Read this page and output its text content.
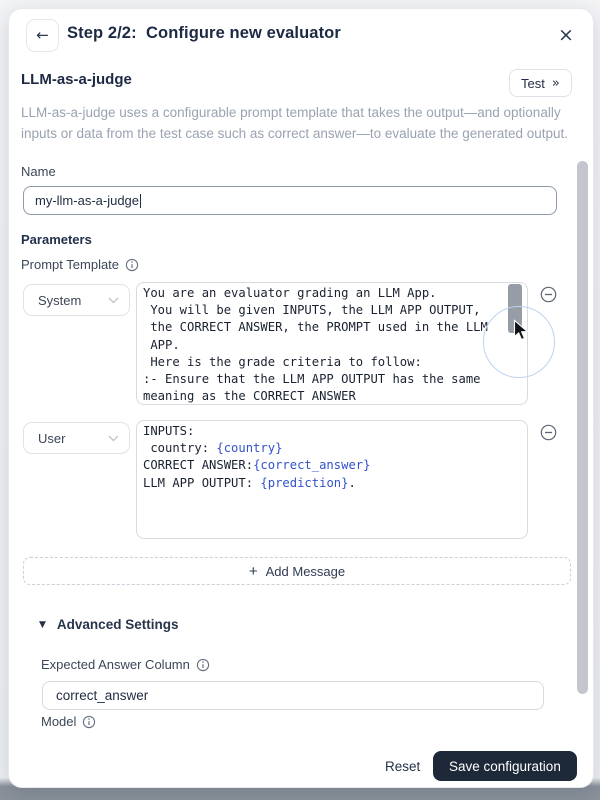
← Step 2/2:  Configure new evaluator	×
LLM-as-a-judge	Test »
LLM-as-a-judge uses a configurable prompt template that takes the output—and optionally inputs or data from the test case such as correct answer—to evaluate the generated output.
Name
my-llm-as-a-judge
Parameters
Prompt Template
System	You are an evaluator grading an LLM App.
You will be given INPUTS, the LLM APP OUTPUT,
the CORRECT ANSWER, the PROMPT used in the LLM
APP.
Here is the grade criteria to follow:
:- Ensure that the LLM APP OUTPUT has the same
meaning as the CORRECT ANSWER
User	INPUTS:
country: {country}
CORRECT ANSWER:{correct_answer}
LLM APP OUTPUT: {prediction}.
+ Add Message
▼ Advanced Settings
Expected Answer Column
correct_answer
Model
Reset	Save configuration
